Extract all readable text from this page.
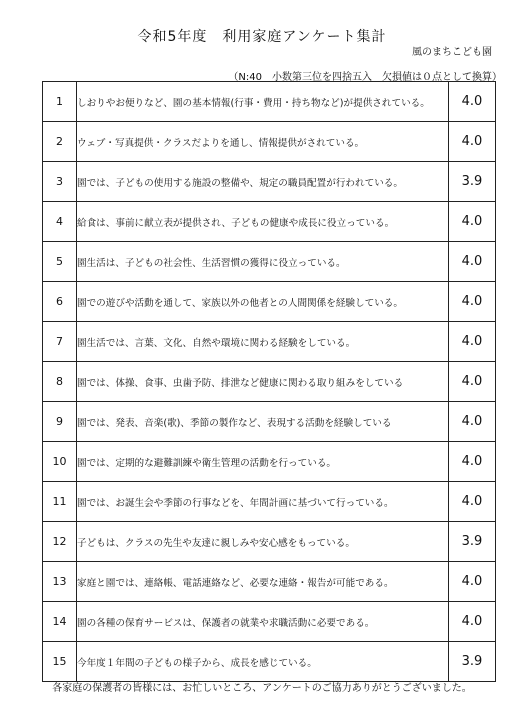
令和5年度　利用家庭アンケート集計
風のまちこども園
（N:40　小数第三位を四捨五入　欠損値は０点として換算）
1	しおりやお便りなど、園の基本情報(行事・費用・持ち物など)が提供されている。	4.0
2	ウェブ・写真提供・クラスだよりを通し、情報提供がされている。	4.0
3	園では、子どもの使用する施設の整備や、規定の職員配置が行われている。	3.9
4	給食は、事前に献立表が提供され、子どもの健康や成長に役立っている。	4.0
5	園生活は、子どもの社会性、生活習慣の獲得に役立っている。	4.0
6	園での遊びや活動を通して、家族以外の他者との人間関係を経験している。	4.0
7	園生活では、言葉、文化、自然や環境に関わる経験をしている。	4.0
8	園では、体操、食事、虫歯予防、排泄など健康に関わる取り組みをしている	4.0
9	園では、発表、音楽(歌)、季節の製作など、表現する活動を経験している	4.0
10	園では、定期的な避難訓練や衛生管理の活動を行っている。	4.0
11	園では、お誕生会や季節の行事などを、年間計画に基づいて行っている。	4.0
12	子どもは、クラスの先生や友達に親しみや安心感をもっている。	3.9
13	家庭と園では、連絡帳、電話連絡など、必要な連絡・報告が可能である。	4.0
14	園の各種の保育サービスは、保護者の就業や求職活動に必要である。	4.0
15	今年度１年間の子どもの様子から、成長を感じている。	3.9
各家庭の保護者の皆様には、お忙しいところ、アンケートのご協力ありがとうございました。
